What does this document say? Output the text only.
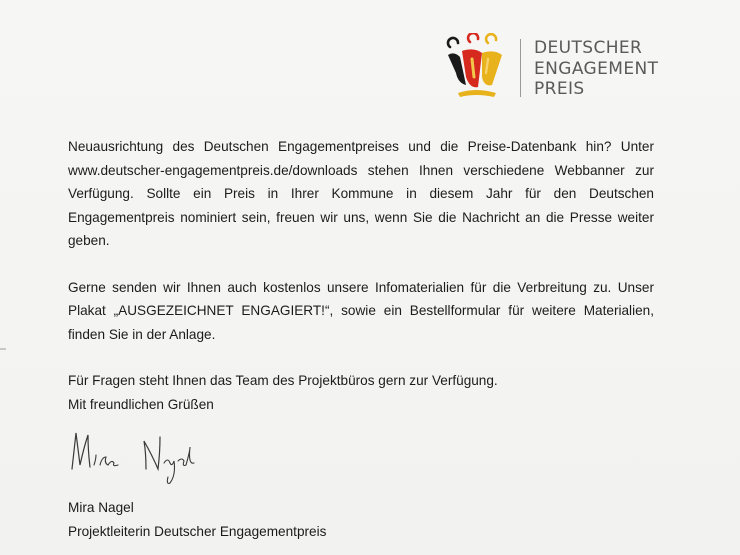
DEUTSCHER
ENGAGEMENT
PREIS

Neuausrichtung des Deutschen Engagementpreises und die Preise-Datenbank hin? Unter www.deutscher-engagementpreis.de/downloads stehen Ihnen verschiedene Webbanner zur Verfügung. Sollte ein Preis in Ihrer Kommune in diesem Jahr für den Deutschen Engagementpreis nominiert sein, freuen wir uns, wenn Sie die Nachricht an die Presse weiter geben.

Gerne senden wir Ihnen auch kostenlos unsere Infomaterialien für die Verbreitung zu. Unser Plakat „AUSGEZEICHNET ENGAGIERT!“, sowie ein Bestellformular für weitere Materialien, finden Sie in der Anlage.

Für Fragen steht Ihnen das Team des Projektbüros gern zur Verfügung.

Mit freundlichen Grüßen

Mira Nagel
Projektleiterin Deutscher Engagementpreis
